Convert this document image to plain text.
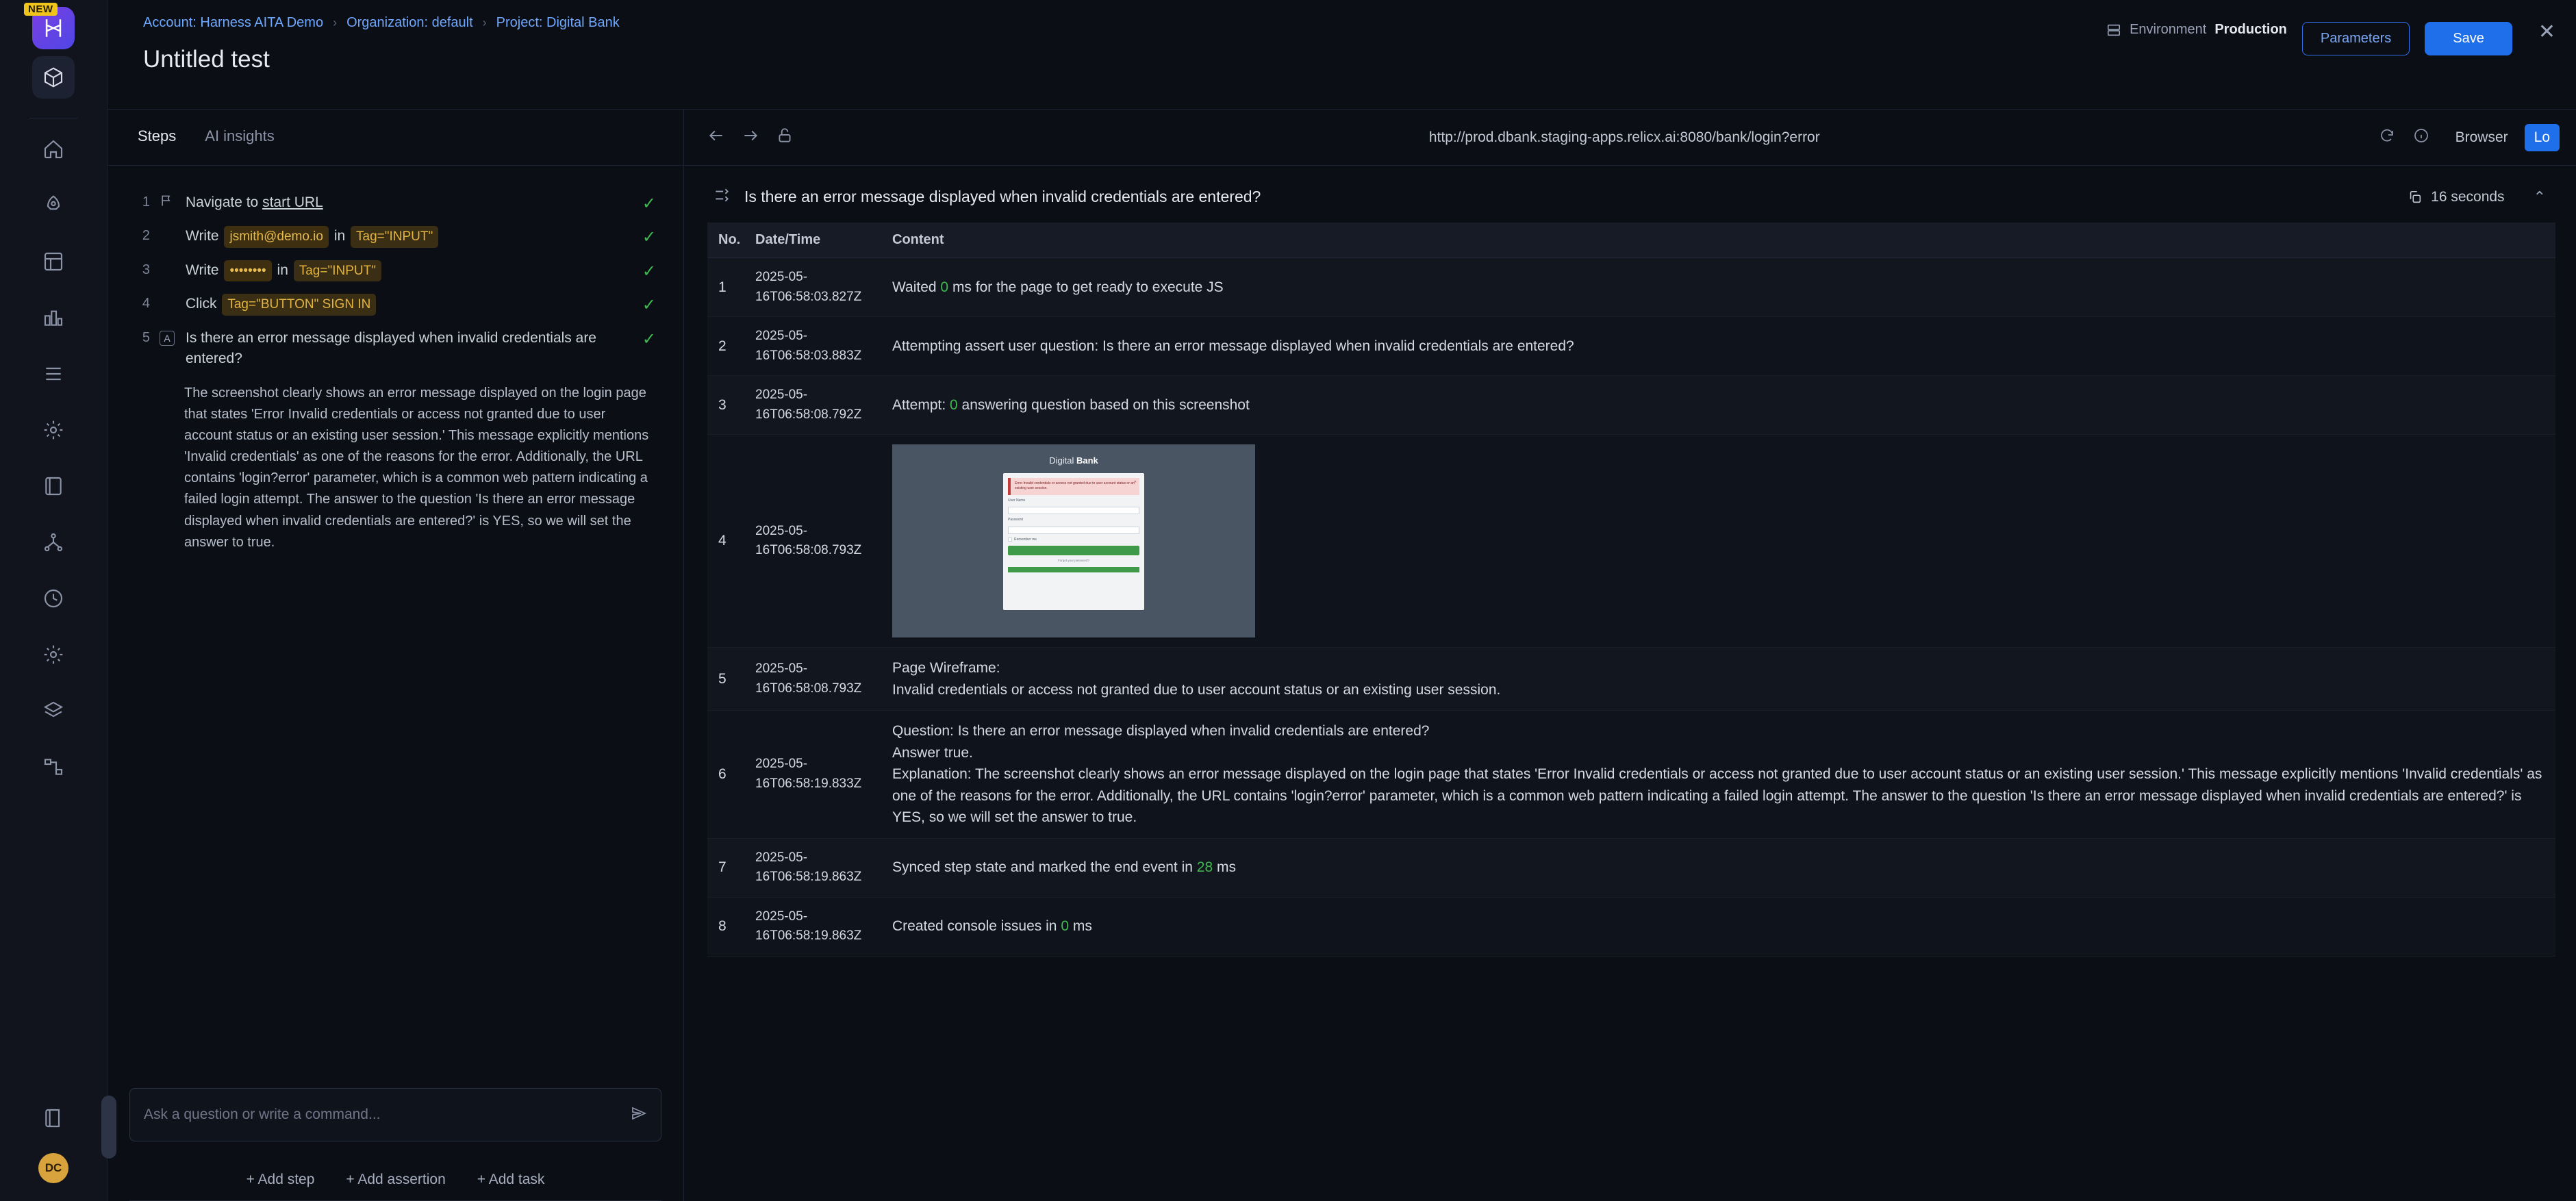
NEW
DC
Account: Harness AITA Demo › Organization: default › Project: Digital Bank
Untitled test
Environment Production
Parameters	Save	✕
Steps AI insights
1 Navigate to start URL	✓
2 Write jsmith@demo.io in Tag="INPUT"	✓
3 Write •••••••• in Tag="INPUT"	✓
4 Click Tag="BUTTON" SIGN IN	✓
5	A	Is there an error message displayed when invalid credentials are entered?
✓
The screenshot clearly shows an error message displayed on the login page that states 'Error Invalid credentials or access not granted due to user account status or an existing user session.' This message explicitly mentions 'Invalid credentials' as one of the reasons for the error. Additionally, the URL contains 'login?error' parameter, which is a common web pattern indicating a failed login attempt. The answer to the question 'Is there an error message displayed when invalid credentials are entered?' is YES, so we will set the answer to true.
Ask a question or write a command...
+ Add step + Add assertion + Add task
http://prod.dbank.staging-apps.relicx.ai:8080/bank/login?error	Browser	Lo
Is there an error message displayed when invalid credentials are entered?	16 seconds ⌃
No.	Date/Time	Content
1	2025-05-16T06:58:03.827Z	Waited 0 ms for the page to get ready to execute JS
2	2025-05-16T06:58:03.883Z	Attempting assert user question: Is there an error message displayed when invalid credentials are entered?
3	2025-05-16T06:58:08.792Z	Attempt: 0 answering question based on this screenshot
4	2025-05-16T06:58:08.793Z	
Digital Bank
✕
Error Invalid credentials or access not granted due to user account status or an existing user session.
User Name
Password
Remember me
Forgot your password?

5	2025-05-16T06:58:08.793Z	Page Wireframe:
Invalid credentials or access not granted due to user account status or an existing user session.

6	2025-05-16T06:58:19.833Z	Question: Is there an error message displayed when invalid credentials are entered?
Answer true.
Explanation: The screenshot clearly shows an error message displayed on the login page that states 'Error Invalid credentials or access not granted due to user account status or an existing user session.' This message explicitly mentions 'Invalid credentials' as one of the reasons for the error. Additionally, the URL contains 'login?error' parameter, which is a common web pattern indicating a failed login attempt. The answer to the question 'Is there an error message displayed when invalid credentials are entered?' is YES, so we will set the answer to true.

7	2025-05-16T06:58:19.863Z	Synced step state and marked the end event in 28 ms
8	2025-05-16T06:58:19.863Z	Created console issues in 0 ms
